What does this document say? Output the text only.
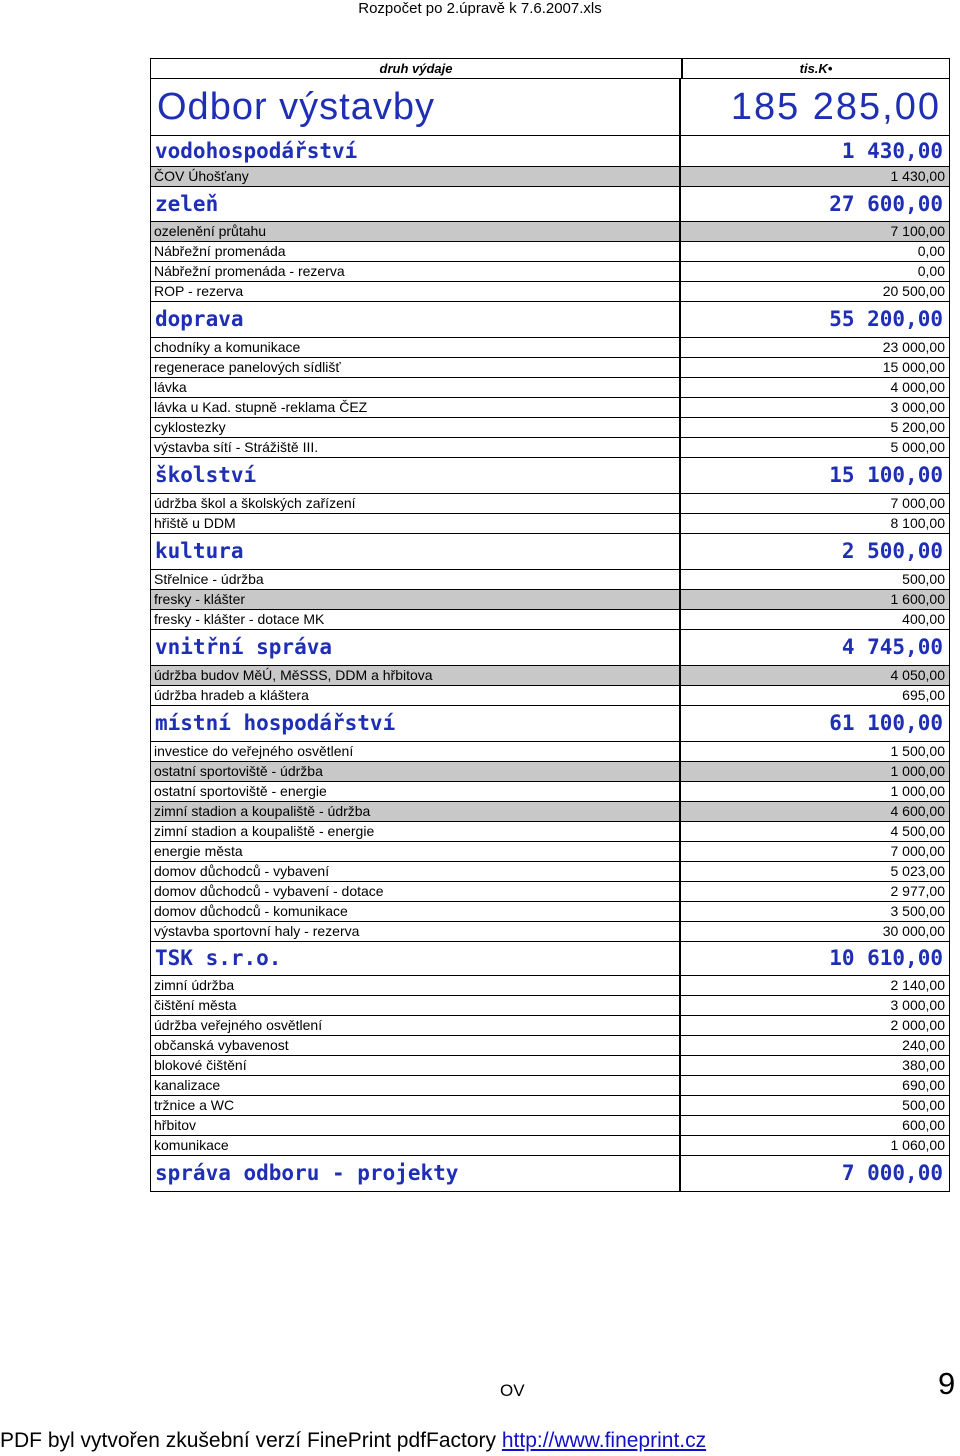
Rozpočet po 2.úpravě k 7.6.2007.xls
druh výdaje	tis.K•
Odbor výstavby	185 285,00
vodohospodářství	1 430,00
ČOV Úhošťany	1 430,00
zeleň	27 600,00
ozelenění průtahu	7 100,00
Nábřežní promenáda	0,00
Nábřežní promenáda - rezerva	0,00
ROP - rezerva	20 500,00
doprava	55 200,00
chodníky a komunikace	23 000,00
regenerace panelových sídlišť	15 000,00
lávka	4 000,00
lávka u Kad. stupně -reklama ČEZ	3 000,00
cyklostezky	5 200,00
výstavba sítí - Strážiště III.	5 000,00
školství	15 100,00
údržba škol a školských zařízení	7 000,00
hřiště u DDM	8 100,00
kultura	2 500,00
Střelnice - údržba	500,00
fresky - klášter	1 600,00
fresky - klášter - dotace MK	400,00
vnitřní správa	4 745,00
údržba budov MěÚ, MěSSS, DDM a hřbitova	4 050,00
údržba hradeb a kláštera	695,00
místní hospodářství	61 100,00
investice do veřejného osvětlení	1 500,00
ostatní sportoviště - údržba	1 000,00
ostatní sportoviště - energie	1 000,00
zimní stadion a koupaliště - údržba	4 600,00
zimní stadion a koupaliště - energie	4 500,00
energie města	7 000,00
domov důchodců - vybavení	5 023,00
domov důchodců - vybavení - dotace	2 977,00
domov důchodců - komunikace	3 500,00
výstavba sportovní haly - rezerva	30 000,00
TSK s.r.o.	10 610,00
zimní údržba	2 140,00
čištění města	3 000,00
údržba veřejného osvětlení	2 000,00
občanská vybavenost	240,00
blokové čištění	380,00
kanalizace	690,00
tržnice a WC	500,00
hřbitov	600,00
komunikace	1 060,00
správa odboru - projekty	7 000,00
OV	9
PDF byl vytvořen zkušební verzí FinePrint pdfFactory http://www.fineprint.cz
